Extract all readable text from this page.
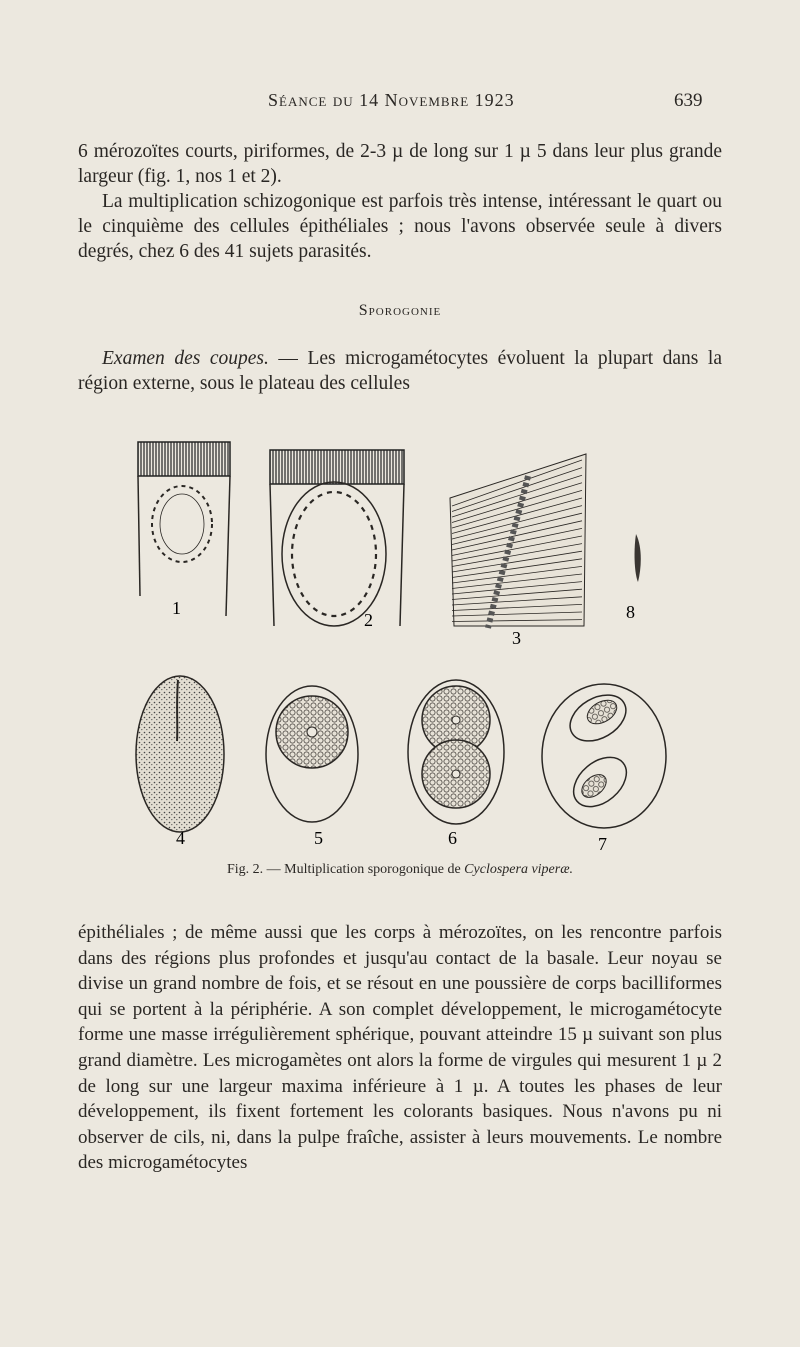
Séance du 14 Novembre 1923	639

6 mérozoïtes courts, piriformes, de 2-3 µ de long sur 1 µ 5 dans leur plus grande largeur (fig. 1, nos 1 et 2).

La multiplication schizogonique est parfois très intense, intéressant le quart ou le cinquième des cellules épithéliales ; nous l'avons observée seule à divers degrés, chez 6 des 41 sujets parasités.

Sporogonie

Examen des coupes. — Les microgamétocytes évoluent la plupart dans la région externe, sous le plateau des cellules

1
2
3
8
4	5	6	7
Fig. 2. — Multiplication sporogonique de Cyclospera viperæ.

épithéliales ; de même aussi que les corps à mérozoïtes, on les rencontre parfois dans des régions plus profondes et jusqu'au contact de la basale. Leur noyau se divise un grand nombre de fois, et se résout en une poussière de corps bacilliformes qui se portent à la périphérie. A son complet développement, le microgamétocyte forme une masse irrégulièrement sphérique, pouvant atteindre 15 µ suivant son plus grand diamètre. Les microgamètes ont alors la forme de virgules qui mesurent 1 µ 2 de long sur une largeur maxima inférieure à 1 µ. A toutes les phases de leur développement, ils fixent fortement les colorants basiques. Nous n'avons pu ni observer de cils, ni, dans la pulpe fraîche, assister à leurs mouvements. Le nombre des microgamétocytes
